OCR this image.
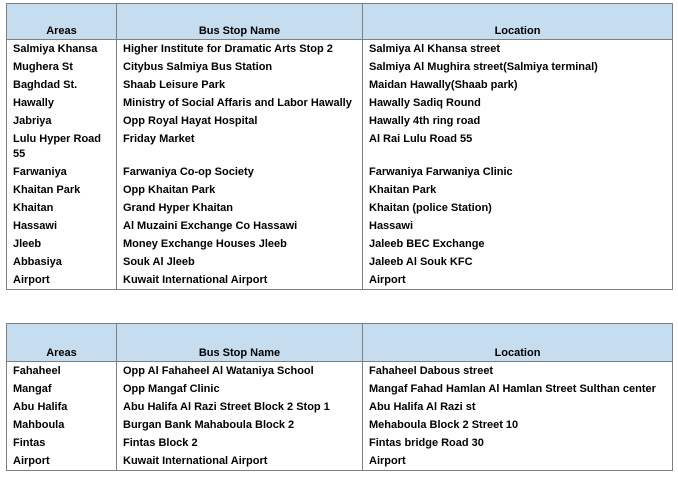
Areas	Bus Stop Name	Location
Salmiya Khansa	Higher Institute for Dramatic Arts Stop 2	Salmiya Al Khansa street
Mughera St	Citybus Salmiya Bus Station	Salmiya Al Mughira street(Salmiya terminal)
Baghdad St.	Shaab Leisure Park	Maidan Hawally(Shaab park)
Hawally	Ministry of Social Affaris and Labor Hawally	Hawally Sadiq Round
Jabriya	Opp Royal Hayat Hospital	Hawally 4th ring road
Lulu Hyper Road 55	Friday Market	Al Rai Lulu Road 55
Farwaniya	Farwaniya Co-op Society	Farwaniya Farwaniya Clinic
Khaitan Park	Opp Khaitan Park	Khaitan Park
Khaitan	Grand Hyper Khaitan	Khaitan (police Station)
Hassawi	Al Muzaini Exchange Co Hassawi	Hassawi
Jleeb	Money Exchange Houses Jleeb	Jaleeb BEC Exchange
Abbasiya	Souk Al Jleeb	Jaleeb Al Souk KFC
Airport	Kuwait International Airport	Airport
Areas	Bus Stop Name	Location
Fahaheel	Opp Al Fahaheel Al Wataniya School	Fahaheel Dabous street
Mangaf	Opp Mangaf Clinic	Mangaf Fahad Hamlan Al Hamlan Street Sulthan center
Abu Halifa	Abu Halifa Al Razi Street Block 2 Stop 1	Abu Halifa Al Razi st
Mahboula	Burgan Bank Mahaboula Block 2	Mehaboula Block 2 Street 10
Fintas	Fintas Block 2	Fintas bridge Road 30
Airport	Kuwait International Airport	Airport
